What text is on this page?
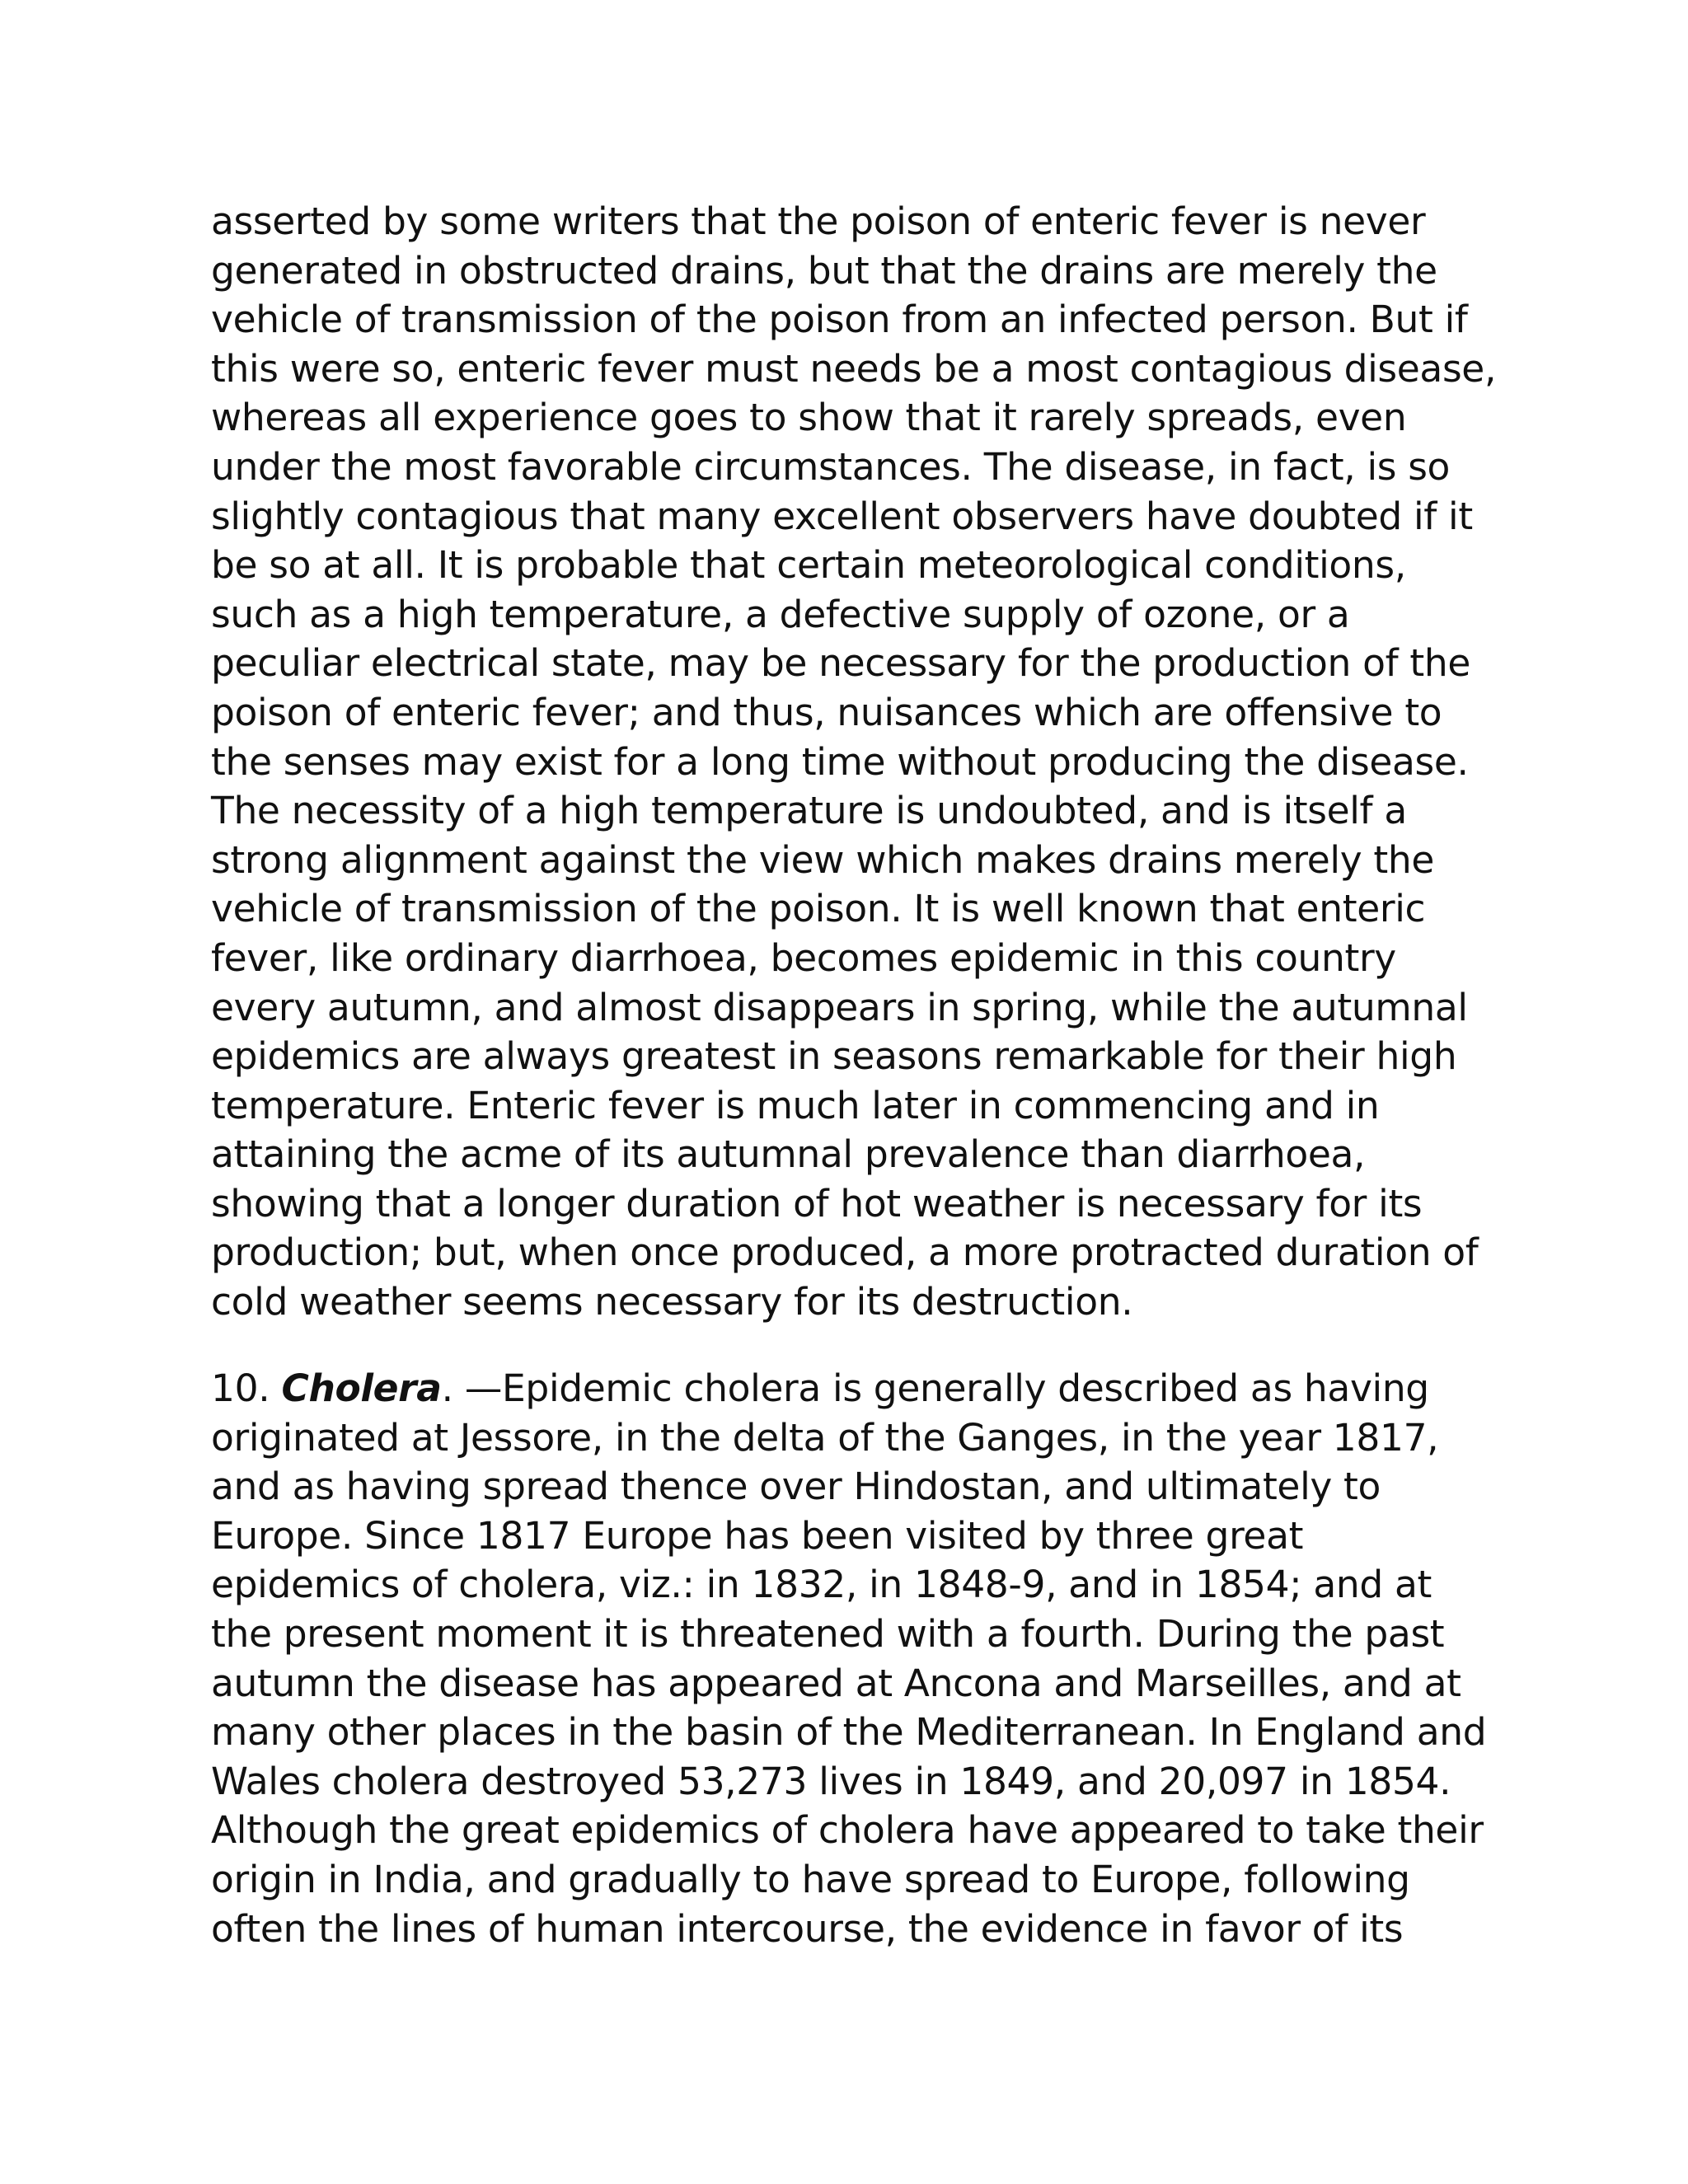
asserted by some writers that the poison of enteric fever is never
generated in obstructed drains, but that the drains are merely the
vehicle of transmission of the poison from an infected person. But if
this were so, enteric fever must needs be a most contagious disease,
whereas all experience goes to show that it rarely spreads, even
under the most favorable circumstances. The disease, in fact, is so
slightly contagious that many excellent observers have doubted if it
be so at all. It is probable that certain meteorological conditions,
such as a high temperature, a defective supply of ozone, or a
peculiar electrical state, may be necessary for the production of the
poison of enteric fever; and thus, nuisances which are offensive to
the senses may exist for a long time without producing the disease.
The necessity of a high temperature is undoubted, and is itself a
strong alignment against the view which makes drains merely the
vehicle of transmission of the poison. It is well known that enteric
fever, like ordinary diarrhoea, becomes epidemic in this country
every autumn, and almost disappears in spring, while the autumnal
epidemics are always greatest in seasons remarkable for their high
temperature. Enteric fever is much later in commencing and in
attaining the acme of its autumnal prevalence than diarrhoea,
showing that a longer duration of hot weather is necessary for its
production; but, when once produced, a more protracted duration of
cold weather seems necessary for its destruction.
10. Cholera. —Epidemic cholera is generally described as having
originated at Jessore, in the delta of the Ganges, in the year 1817,
and as having spread thence over Hindostan, and ultimately to
Europe. Since 1817 Europe has been visited by three great
epidemics of cholera, viz.: in 1832, in 1848-9, and in 1854; and at
the present moment it is threatened with a fourth. During the past
autumn the disease has appeared at Ancona and Marseilles, and at
many other places in the basin of the Mediterranean. In England and
Wales cholera destroyed 53,273 lives in 1849, and 20,097 in 1854.
Although the great epidemics of cholera have appeared to take their
origin in India, and gradually to have spread to Europe, following
often the lines of human intercourse, the evidence in favor of its
